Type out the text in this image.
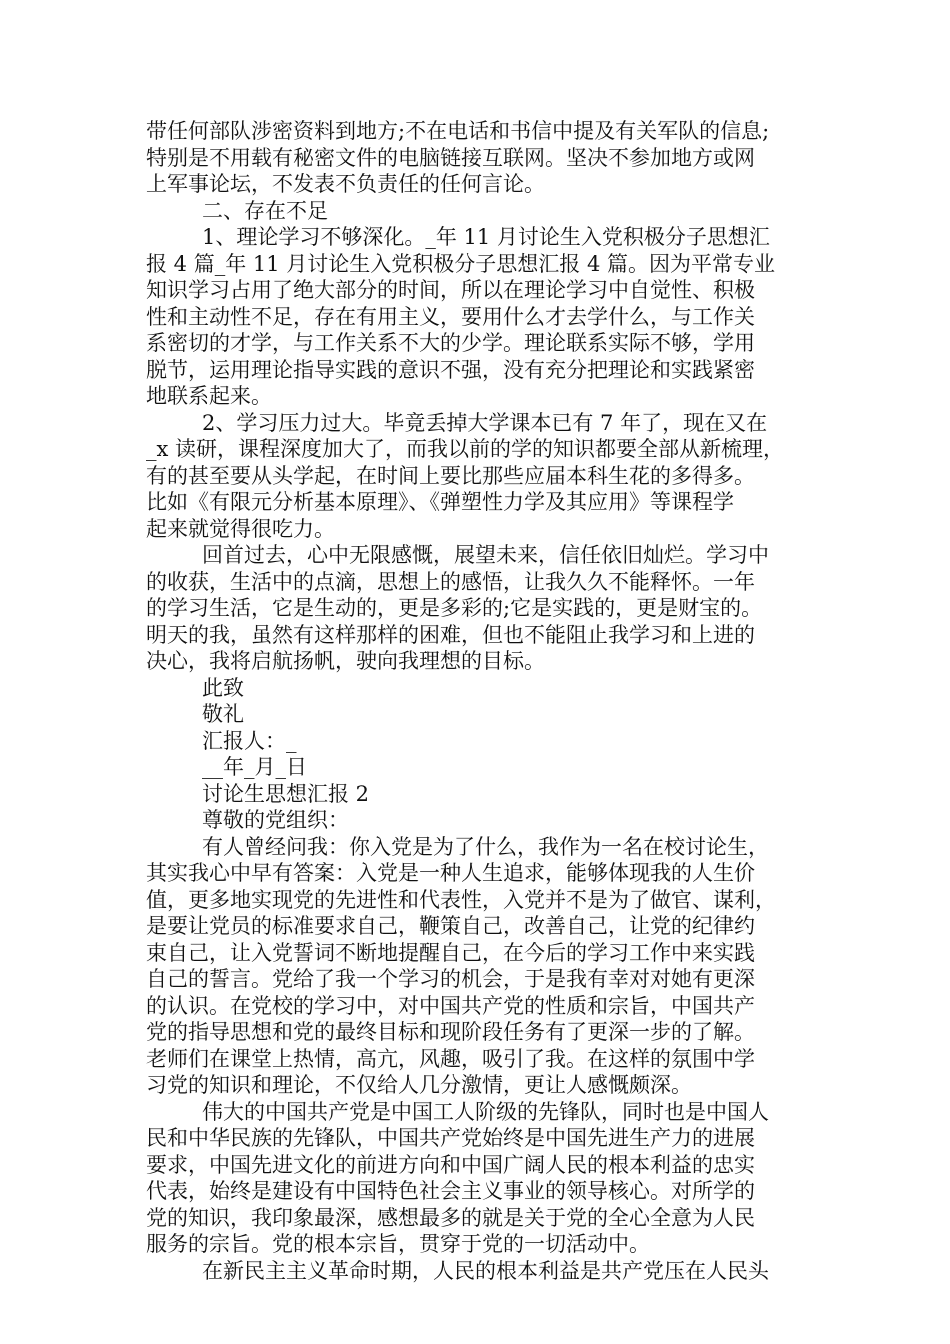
带任何部队涉密资料到地方;不在电话和书信中提及有关军队的信息;
特别是不用载有秘密文件的电脑链接互联网。坚决不参加地方或网
上军事论坛，不发表不负责任的任何言论。
二、存在不足
1、理论学习不够深化。_年 11 月讨论生入党积极分子思想汇
报 4 篇_年 11 月讨论生入党积极分子思想汇报 4 篇。因为平常专业
知识学习占用了绝大部分的时间，所以在理论学习中自觉性、积极
性和主动性不足，存在有用主义，要用什么才去学什么，与工作关
系密切的才学，与工作关系不大的少学。理论联系实际不够，学用
脱节，运用理论指导实践的意识不强，没有充分把理论和实践紧密
地联系起来。
2、学习压力过大。毕竟丢掉大学课本已有 7 年了，现在又在
_x 读研，课程深度加大了，而我以前的学的知识都要全部从新梳理，
有的甚至要从头学起，在时间上要比那些应届本科生花的多得多。
比如《有限元分析基本原理》、《弹塑性力学及其应用》等课程学
起来就觉得很吃力。
回首过去，心中无限感慨，展望未来，信任依旧灿烂。学习中
的收获，生活中的点滴，思想上的感悟，让我久久不能释怀。一年
的学习生活，它是生动的，更是多彩的;它是实践的，更是财宝的。
明天的我，虽然有这样那样的困难，但也不能阻止我学习和上进的
决心，我将启航扬帆，驶向我理想的目标。
此致
敬礼
汇报人：_
__年_月_日
讨论生思想汇报 2
尊敬的党组织：
有人曾经问我：你入党是为了什么，我作为一名在校讨论生，
其实我心中早有答案：入党是一种人生追求，能够体现我的人生价
值，更多地实现党的先进性和代表性，入党并不是为了做官、谋利，
是要让党员的标准要求自己，鞭策自己，改善自己，让党的纪律约
束自己，让入党誓词不断地提醒自己，在今后的学习工作中来实践
自己的誓言。党给了我一个学习的机会，于是我有幸对对她有更深
的认识。在党校的学习中，对中国共产党的性质和宗旨，中国共产
党的指导思想和党的最终目标和现阶段任务有了更深一步的了解。
老师们在课堂上热情，高亢，风趣，吸引了我。在这样的氛围中学
习党的知识和理论，不仅给人几分激情，更让人感慨颇深。
伟大的中国共产党是中国工人阶级的先锋队，同时也是中国人
民和中华民族的先锋队，中国共产党始终是中国先进生产力的进展
要求，中国先进文化的前进方向和中国广阔人民的根本利益的忠实
代表，始终是建设有中国特色社会主义事业的领导核心。对所学的
党的知识，我印象最深，感想最多的就是关于党的全心全意为人民
服务的宗旨。党的根本宗旨，贯穿于党的一切活动中。
在新民主主义革命时期，人民的根本利益是共产党压在人民头
